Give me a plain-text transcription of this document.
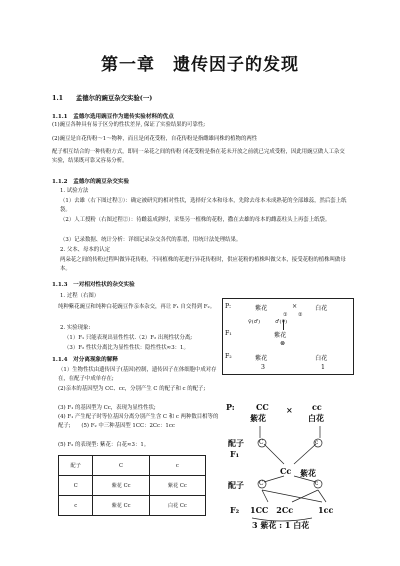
第一章　遗传因子的发现
1.1　　孟德尔的豌豆杂交实验(一)
1.1.1　孟德尔选用豌豆作为遗传实验材料的优点
(1)豌豆各种具有易于区分的性状差异, 保证了实验结果的可靠性;
(2)豌豆是自花传粉～1～物种，而且是闭花受粉，自花传粉是指雌雄同株的植物的两性
配子相互结合的一种传粉方式，即同一朵花之间的传粉 闭花受粉是指在花未开放之前就已完成受粉，因此用豌豆做人工杂交实验，结果既可靠又容易分析。
1.1.2　孟德尔的豌豆杂交实验
1. 试验方法
（1）去雄（右下图过程①）：确定被研究的相对性状，选择好父本和母本，先除去母本未成熟花的全部雄蕊，然后套上纸袋。
（2）人工授粉（右图过程②）：待雌蕊成熟时，采集另一植株的花粉，撒在去雄的母本的雌蕊柱头上再套上纸袋。
（3）记录数据、统计分析：详细记录杂交各代的系谱，用统计法处理结果。
2. 父本、母本的认定
两朵花之间的传粉过程叫做异花传粉，不同植株的花进行异花传粉时，供应花粉的植株叫做父本，接受花粉的植株叫做母本。
1.1.3　一对相对性状的杂交实验
1. 过程（右图）
纯种紫花豌豆和纯种白花豌豆作亲本杂交，再让 F₁ 自交得到 F₂。
2. 实验现象:
（1）F₁ 只能表现出显性性状.（2）F₂ 出现性状分离;
（3）F₂ 性状分离比为显性性状：隐性性状≈3：1。
1.1.4　对分离现象的解释
（1）生物性状由遗传因子(基因)控制，遗传因子在体细胞中成对存在，在配子中成单存在;
(2)亲本的基因型为 CC、cc，分别产生 C 的配子和 c 的配子;
(3) F₁ 的基因型为 Cc，表现为显性性状;
(4) F₁ 产生配子时等位基因分离分别产生含 C 和 c 两种数目相等的配子;　　(5) F₂ 中三种基因型 1CC：2Cc：1cc
(5) F₂ 的表现型: 紫花：白花≈3：1。
配子	C	c
C	紫花 Cc	紫花 Cc
c	紫花 Cc	白花 Cc
P:	紫花	×	白花
① ②
♀(♂)　　　♂(♀)
F₁	紫花
⊗
F₂	紫花	白花
3	1
P:	CC × cc
紫花	白花
配子	C	c
F₁
Cc 紫花
配子	C	c
F₂ 1CC　2Cc	1cc
3 紫花 : 1 白花
